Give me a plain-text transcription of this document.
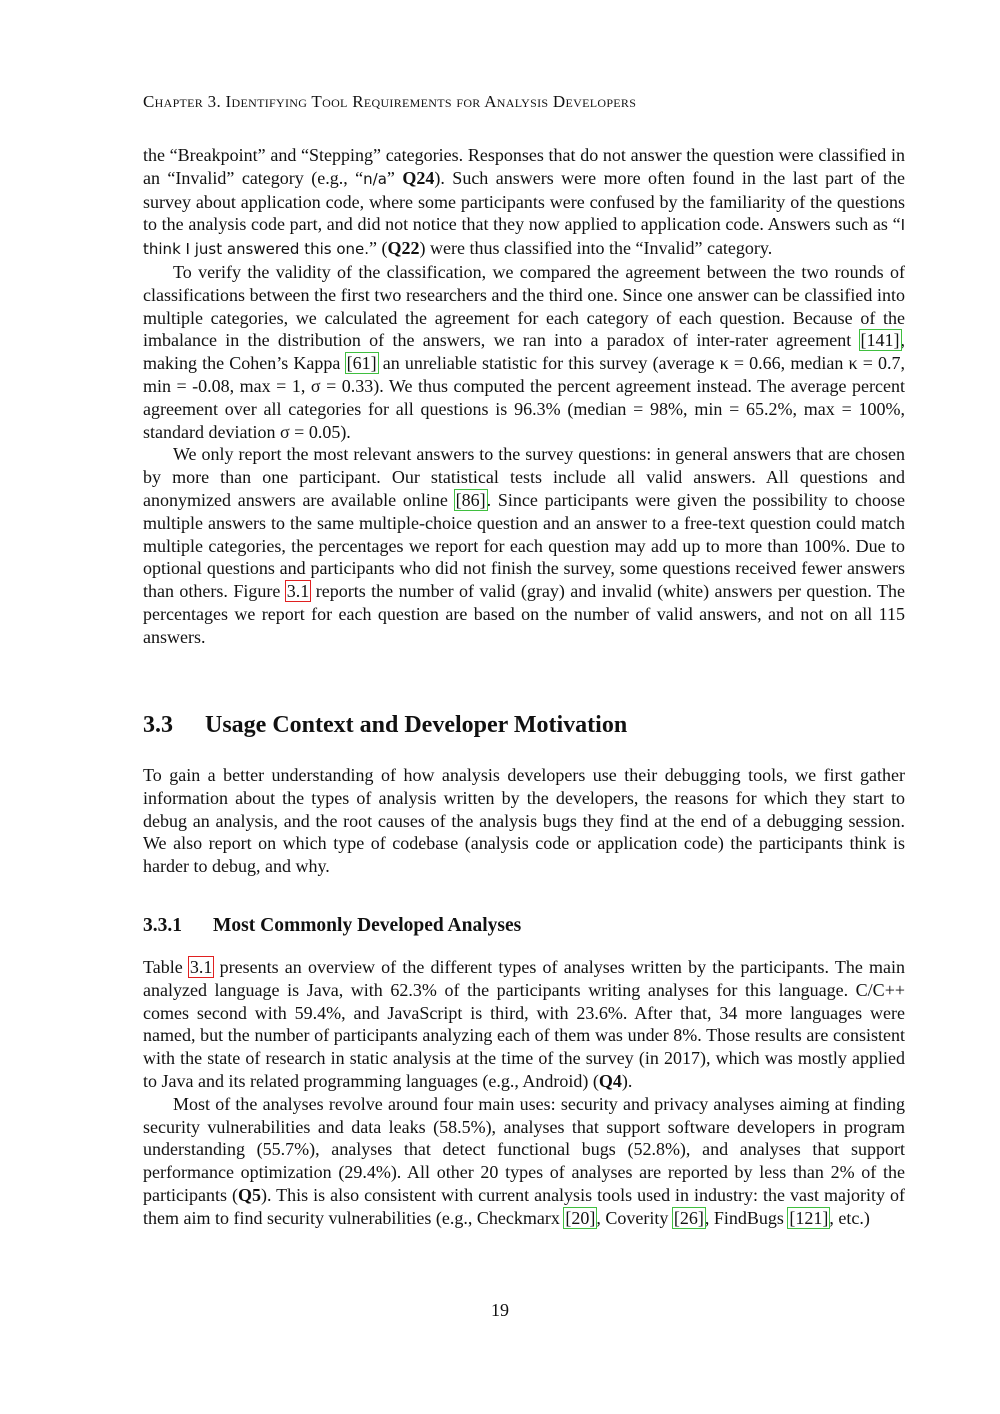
Chapter 3. Identifying Tool Requirements for Analysis Developers

the “Breakpoint” and “Stepping” categories. Responses that do not answer the question were classified in an “Invalid” category (e.g., “n/a” Q24). Such answers were more often found in the last part of the survey about application code, where some participants were confused by the familiarity of the questions to the analysis code part, and did not notice that they now applied to application code. Answers such as “I think I just answered this one.” (Q22) were thus classified into the “Invalid” category.

To verify the validity of the classification, we compared the agreement between the two rounds of classifications between the first two researchers and the third one. Since one answer can be classified into multiple categories, we calculated the agreement for each category of each question. Because of the imbalance in the distribution of the answers, we ran into a paradox of inter-rater agreement [141], making the Cohen’s Kappa [61] an unreliable statistic for this survey (average κ = 0.66, median κ = 0.7, min = -0.08, max = 1, σ = 0.33). We thus computed the percent agreement instead. The average percent agreement over all categories for all questions is 96.3% (median = 98%, min = 65.2%, max = 100%, standard deviation σ = 0.05).

We only report the most relevant answers to the survey questions: in general answers that are chosen by more than one participant. Our statistical tests include all valid answers. All questions and anonymized answers are available online [86]. Since participants were given the possibility to choose multiple answers to the same multiple-choice question and an answer to a free-text question could match multiple categories, the percentages we report for each question may add up to more than 100%. Due to optional questions and participants who did not finish the survey, some questions received fewer answers than others. Figure 3.1 reports the number of valid (gray) and invalid (white) answers per question. The percentages we report for each question are based on the number of valid answers, and not on all 115 answers.

3.3 Usage Context and Developer Motivation

To gain a better understanding of how analysis developers use their debugging tools, we first gather information about the types of analysis written by the developers, the reasons for which they start to debug an analysis, and the root causes of the analysis bugs they find at the end of a debugging session. We also report on which type of codebase (analysis code or application code) the participants think is harder to debug, and why.

3.3.1 Most Commonly Developed Analyses

Table 3.1 presents an overview of the different types of analyses written by the participants. The main analyzed language is Java, with 62.3% of the participants writing analyses for this language. C/C++ comes second with 59.4%, and JavaScript is third, with 23.6%. After that, 34 more languages were named, but the number of participants analyzing each of them was under 8%. Those results are consistent with the state of research in static analysis at the time of the survey (in 2017), which was mostly applied to Java and its related programming languages (e.g., Android) (Q4).

Most of the analyses revolve around four main uses: security and privacy analyses aiming at finding security vulnerabilities and data leaks (58.5%), analyses that support software developers in program understanding (55.7%), analyses that detect functional bugs (52.8%), and analyses that support performance optimization (29.4%). All other 20 types of analyses are reported by less than 2% of the participants (Q5). This is also consistent with current analysis tools used in industry: the vast majority of them aim to find security vulnerabilities (e.g., Checkmarx [20], Coverity [26], FindBugs [121], etc.)

19
